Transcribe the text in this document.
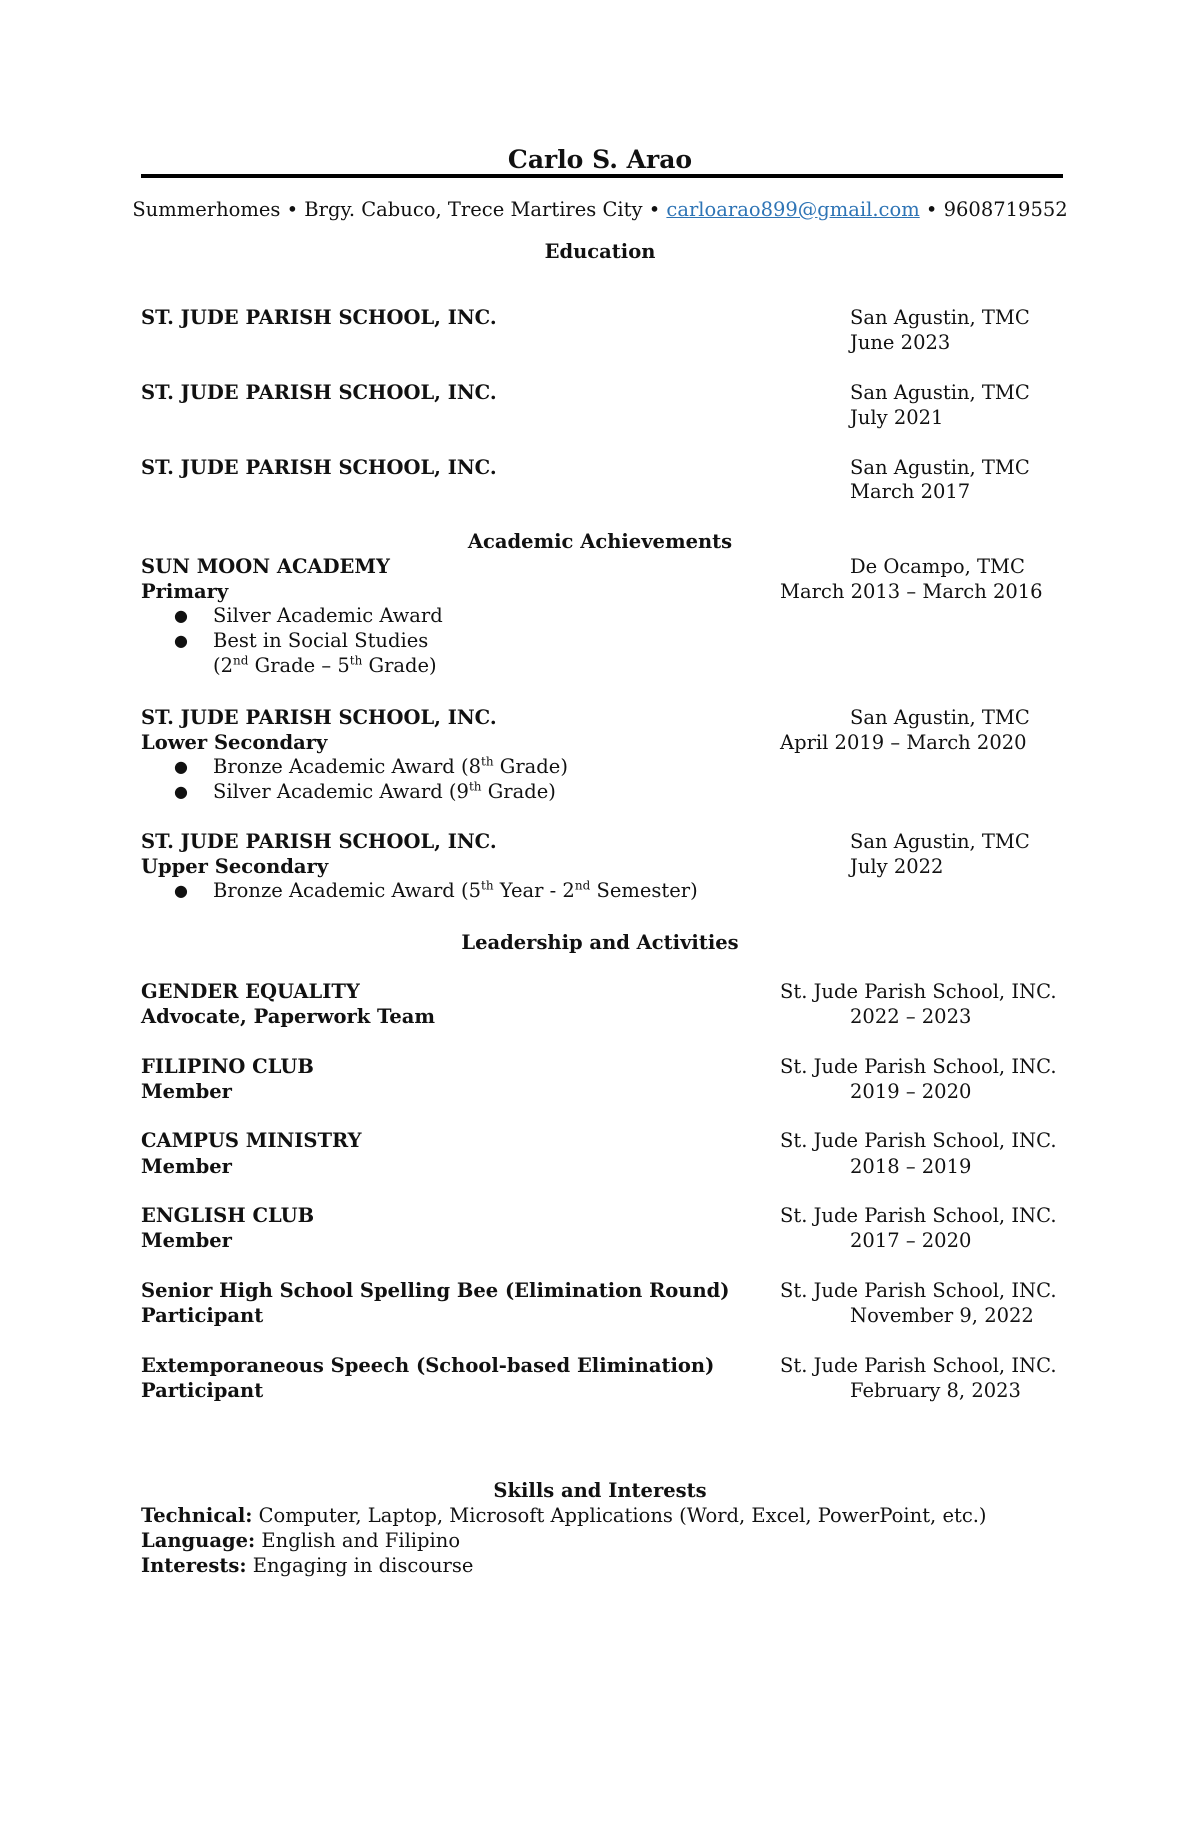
Carlo S. Arao
Summerhomes • Brgy. Cabuco, Trece Martires City • carloarao899@gmail.com • 9608719552
Education
ST. JUDE PARISH SCHOOL, INC.	San Agustin, TMC
June 2023
ST. JUDE PARISH SCHOOL, INC.	San Agustin, TMC
July 2021
ST. JUDE PARISH SCHOOL, INC.	San Agustin, TMC
March 2017
Academic Achievements
SUN MOON ACADEMY	De Ocampo, TMC
Primary	March 2013 – March 2016
● Silver Academic Award
● Best in Social Studies
(2nd Grade – 5th Grade)
ST. JUDE PARISH SCHOOL, INC.	San Agustin, TMC
Lower Secondary	April 2019 – March 2020
● Bronze Academic Award (8th Grade)
● Silver Academic Award (9th Grade)
ST. JUDE PARISH SCHOOL, INC.	San Agustin, TMC
Upper Secondary	July 2022
● Bronze Academic Award (5th Year - 2nd Semester)
Leadership and Activities
GENDER EQUALITY	St. Jude Parish School, INC.
Advocate, Paperwork Team	2022 – 2023
FILIPINO CLUB	St. Jude Parish School, INC.
Member	2019 – 2020
CAMPUS MINISTRY	St. Jude Parish School, INC.
Member	2018 – 2019
ENGLISH CLUB	St. Jude Parish School, INC.
Member	2017 – 2020
Senior High School Spelling Bee (Elimination Round)	St. Jude Parish School, INC.
Participant	November 9, 2022
Extemporaneous Speech (School-based Elimination)	St. Jude Parish School, INC.
Participant	February 8, 2023
Skills and Interests
Technical: Computer, Laptop, Microsoft Applications (Word, Excel, PowerPoint, etc.)
Language: English and Filipino
Interests: Engaging in discourse
